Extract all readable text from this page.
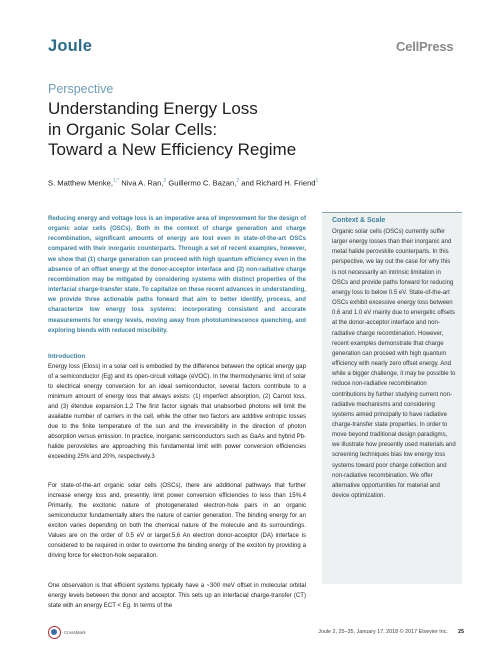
Joule	CellPress
Perspective
Understanding Energy Loss
in Organic Solar Cells:
Toward a New Efficiency Regime
S. Matthew Menke,$^{1,*}$ Niva A. Ran,$^2$ Guillermo C. Bazan,$^2$ and Richard H. Friend$^1$

Reducing energy and voltage loss is an imperative area of improvement for the design of organic solar cells (OSCs). Both in the context of charge generation and charge recombination, significant amounts of energy are lost even in state-of-the-art OSCs compared with their inorganic counterparts. Through a set of recent examples, however, we show that (1) charge generation can proceed with high quantum efficiency even in the absence of an offset energy at the donor-acceptor interface and (2) non-radiative charge recombination may be mitigated by considering systems with distinct properties of the interfacial charge-transfer state. To capitalize on these recent advances in understanding, we provide three actionable paths forward that aim to better identify, process, and characterize low energy loss systems: incorporating consistent and accurate measurements for energy levels, moving away from photoluminescence quenching, and exploring blends with reduced miscibility.

Introduction

Energy loss (Eloss) in a solar cell is embodied by the difference between the optical energy gap of a semiconductor (Eg) and its open-circuit voltage (eVOC). In the thermodynamic limit of solar to electrical energy conversion for an ideal semiconductor, several factors contribute to a minimum amount of energy loss that always exists: (1) imperfect absorption, (2) Carnot loss, and (3) étendue expansion.1,2 The first factor signals that unabsorbed photons will limit the available number of carriers in the cell, while the other two factors are additive entropic losses due to the finite temperature of the sun and the irreversibility in the direction of photon absorption versus emission. In practice, inorganic semiconductors such as GaAs and hybrid Pb-halide perovskites are approaching this fundamental limit with power conversion efficiencies exceeding 25% and 20%, respectively.3

For state-of-the-art organic solar cells (OSCs), there are additional pathways that further increase energy loss and, presently, limit power conversion efficiencies to less than 15%.4 Primarily, the excitonic nature of photogenerated electron-hole pairs in an organic semiconductor fundamentally alters the nature of carrier generation. The binding energy for an exciton varies depending on both the chemical nature of the molecule and its surroundings. Values are on the order of 0.5 eV or larger.5,6 An electron donor-acceptor (DA) interface is considered to be required in order to overcome the binding energy of the exciton by providing a driving force for electron-hole separation.

One observation is that efficient systems typically have a ~300 meV offset in molecular orbital energy levels between the donor and acceptor. This sets up an interfacial charge-transfer (CT) state with an energy ECT < Eg. In terms of the

Context & Scale

Organic solar cells (OSCs) currently suffer larger energy losses than their inorganic and metal halide perovskite counterparts. In this perspective, we lay out the case for why this is not necessarily an intrinsic limitation in OSCs and provide paths forward for reducing energy loss to below 0.5 eV. State-of-the-art OSCs exhibit excessive energy loss between 0.6 and 1.0 eV mainly due to energetic offsets at the donor-acceptor interface and non-radiative charge recombination. However, recent examples demonstrate that charge generation can proceed with high quantum efficiency with nearly zero offset energy. And while a bigger challenge, it may be possible to reduce non-radiative recombination contributions by further studying current non-radiative mechanisms and considering systems aimed principally to have radiative charge-transfer state properties. In order to move beyond traditional design paradigms, we illustrate how presently used materials and screening techniques bias low energy loss systems toward poor charge collection and non-radiative recombination. We offer alternative opportunities for material and device optimization.

CrossMark	Joule 2, 25–35, January 17, 2018 © 2017 Elsevier Inc. 25
